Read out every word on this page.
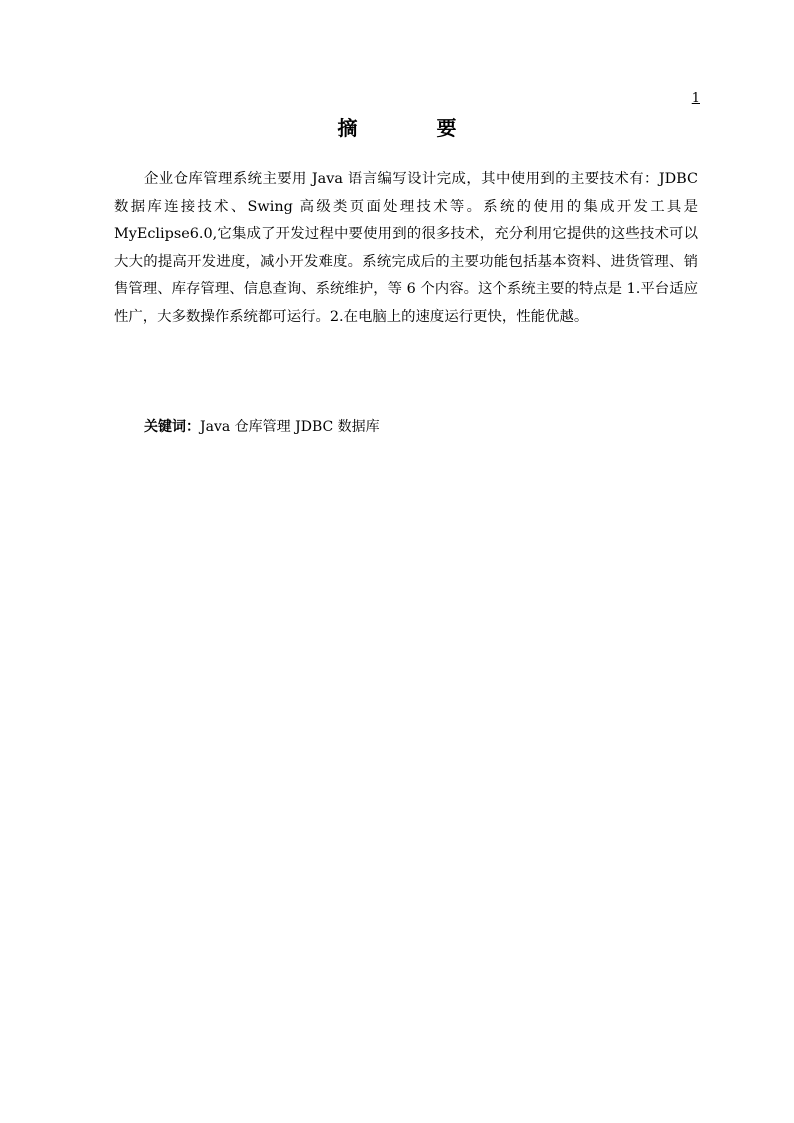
1
摘 要

企业仓库管理系统主要用 Java 语言编写设计完成，其中使用到的主要技术有：JDBC 数据库连接技术、Swing 高级类页面处理技术等。系统的使用的集成开发工具是 MyEclipse6.0,它集成了开发过程中要使用到的很多技术，充分利用它提供的这些技术可以大大的提高开发进度，减小开发难度。系统完成后的主要功能包括基本资料、进货管理、销售管理、库存管理、信息查询、系统维护，等 6 个内容。这个系统主要的特点是 1.平台适应性广，大多数操作系统都可运行。2.在电脑上的速度运行更快，性能优越。

关键词：Java 仓库管理 JDBC 数据库
